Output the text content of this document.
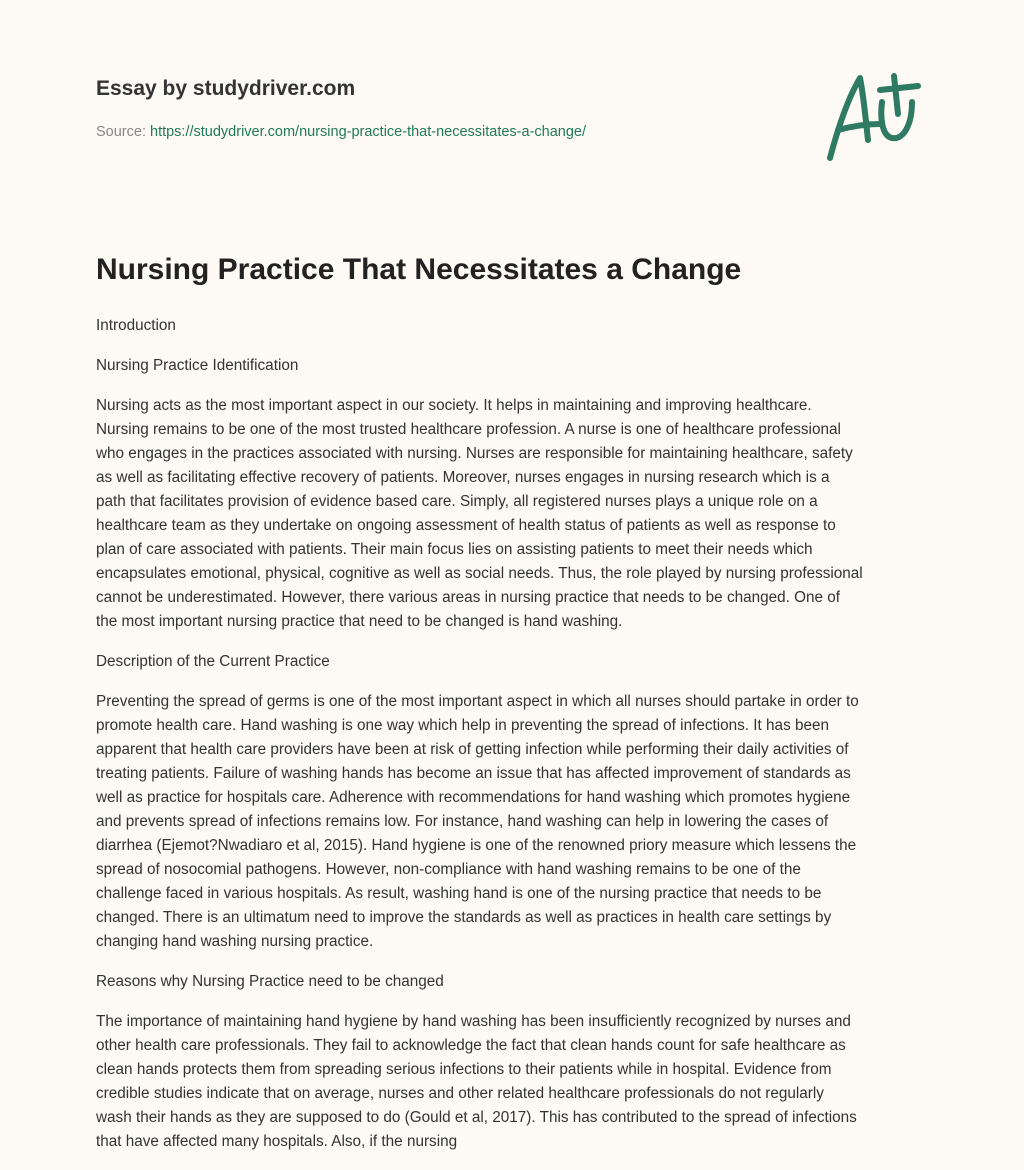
Essay by studydriver.com
Source: https://studydriver.com/nursing-practice-that-necessitates-a-change/
Nursing Practice That Necessitates a Change

Introduction

Nursing Practice Identification

Nursing acts as the most important aspect in our society. It helps in maintaining and improving healthcare.
Nursing remains to be one of the most trusted healthcare profession. A nurse is one of healthcare professional
who engages in the practices associated with nursing. Nurses are responsible for maintaining healthcare, safety
as well as facilitating effective recovery of patients. Moreover, nurses engages in nursing research which is a
path that facilitates provision of evidence based care. Simply, all registered nurses plays a unique role on a
healthcare team as they undertake on ongoing assessment of health status of patients as well as response to
plan of care associated with patients. Their main focus lies on assisting patients to meet their needs which
encapsulates emotional, physical, cognitive as well as social needs. Thus, the role played by nursing professional
cannot be underestimated. However, there various areas in nursing practice that needs to be changed. One of
the most important nursing practice that need to be changed is hand washing.

Description of the Current Practice

Preventing the spread of germs is one of the most important aspect in which all nurses should partake in order to
promote health care. Hand washing is one way which help in preventing the spread of infections. It has been
apparent that health care providers have been at risk of getting infection while performing their daily activities of
treating patients. Failure of washing hands has become an issue that has affected improvement of standards as
well as practice for hospitals care. Adherence with recommendations for hand washing which promotes hygiene
and prevents spread of infections remains low. For instance, hand washing can help in lowering the cases of
diarrhea (Ejemot?Nwadiaro et al, 2015). Hand hygiene is one of the renowned priory measure which lessens the
spread of nosocomial pathogens. However, non-compliance with hand washing remains to be one of the
challenge faced in various hospitals. As result, washing hand is one of the nursing practice that needs to be
changed. There is an ultimatum need to improve the standards as well as practices in health care settings by
changing hand washing nursing practice.

Reasons why Nursing Practice need to be changed

The importance of maintaining hand hygiene by hand washing has been insufficiently recognized by nurses and
other health care professionals. They fail to acknowledge the fact that clean hands count for safe healthcare as
clean hands protects them from spreading serious infections to their patients while in hospital. Evidence from
credible studies indicate that on average, nurses and other related healthcare professionals do not regularly
wash their hands as they are supposed to do (Gould et al, 2017). This has contributed to the spread of infections
that have affected many hospitals. Also, if the nursing
